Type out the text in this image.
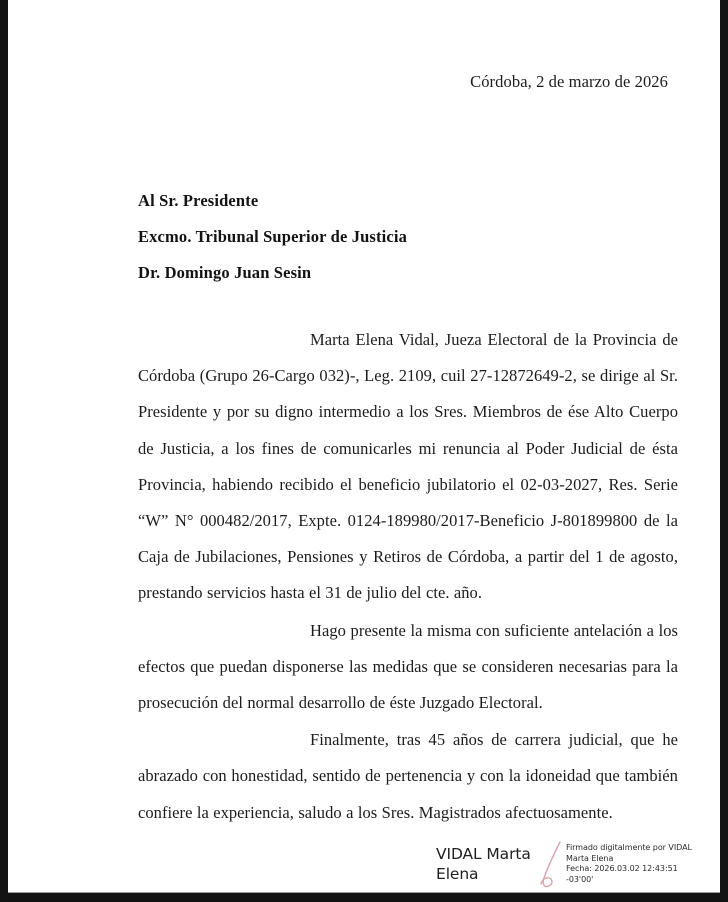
Córdoba, 2 de marzo de 2026
Al Sr. Presidente
Excmo. Tribunal Superior de Justicia
Dr. Domingo Juan Sesin

Marta Elena Vidal, Jueza Electoral de la Provincia de Córdoba (Grupo 26-Cargo 032)-, Leg. 2109, cuil 27-12872649-2, se dirige al Sr. Presidente y por su digno intermedio a los Sres. Miembros de ése Alto Cuerpo de Justicia, a los fines de comunicarles mi renuncia al Poder Judicial de ésta Provincia, habiendo recibido el beneficio jubilatorio el 02-03-2027, Res. Serie “W” N° 000482/2017, Expte. 0124-189980/2017-Beneficio J-801899800 de la Caja de Jubilaciones, Pensiones y Retiros de Córdoba, a partir del 1 de agosto, prestando servicios hasta el 31 de julio del cte. año.

Hago presente la misma con suficiente antelación a los efectos que puedan disponerse las medidas que se consideren necesarias para la prosecución del normal desarrollo de éste Juzgado Electoral.

Finalmente, tras 45 años de carrera judicial, que he abrazado con honestidad, sentido de pertenencia y con la idoneidad que también confiere la experiencia, saludo a los Sres. Magistrados afectuosamente.

VIDAL Marta
Elena
Firmado digitalmente por VIDAL
Marta Elena
Fecha: 2026.03.02 12:43:51
-03'00'
